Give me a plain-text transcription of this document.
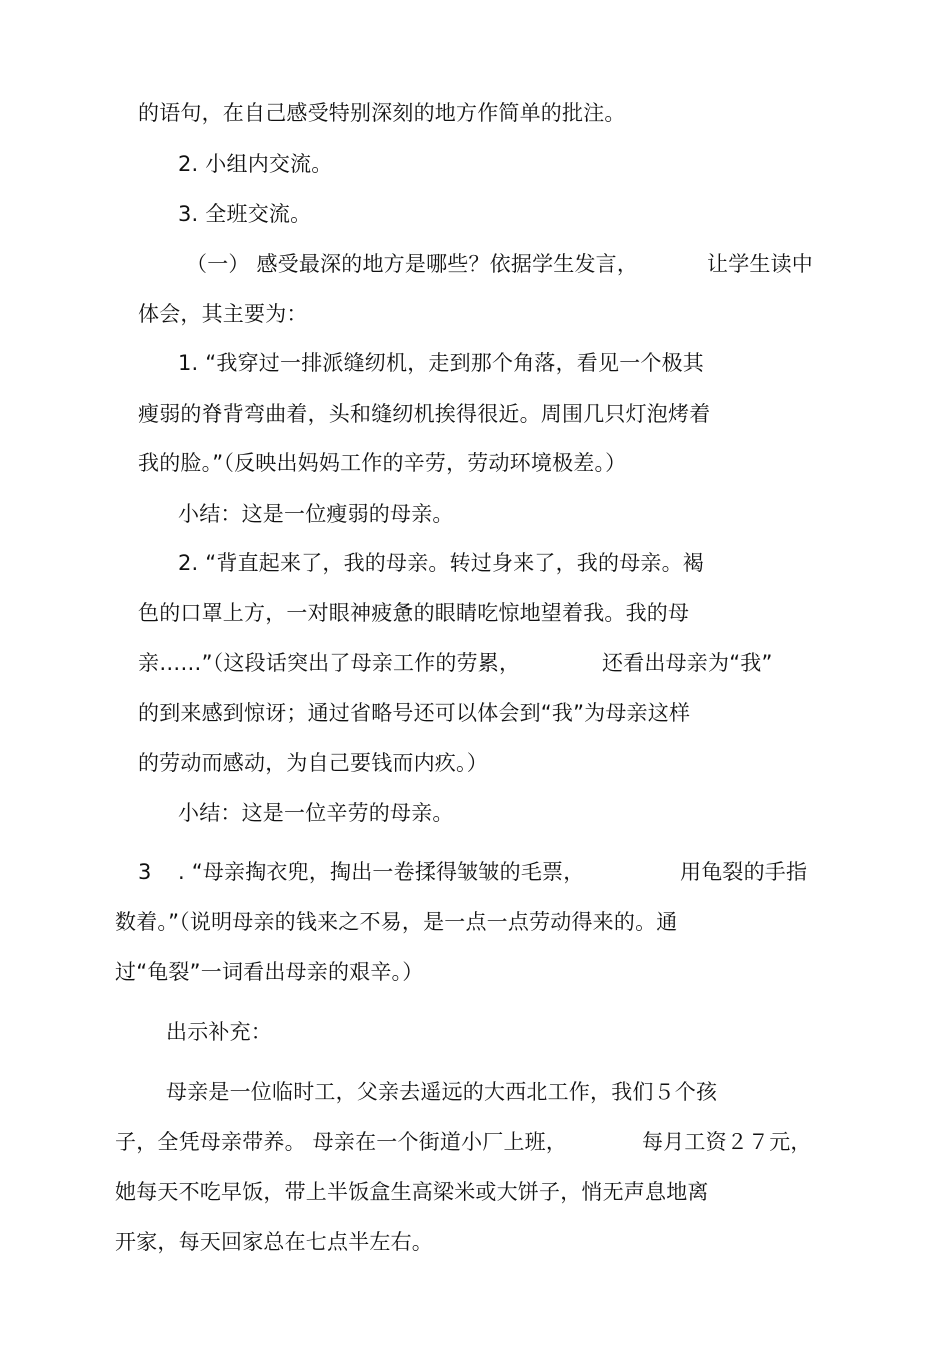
的语句，在自己感受特别深刻的地方作简单的批注。
2. 小组内交流。
3. 全班交流。
（一） 感受最深的地方是哪些？依据学生发言，	让学生读中
体会，其主要为：
1. “我穿过一排派缝纫机，走到那个角落，看见一个极其
瘦弱的脊背弯曲着，头和缝纫机挨得很近。周围几只灯泡烤着
我的脸。”（反映出妈妈工作的辛劳，劳动环境极差。）
小结：这是一位瘦弱的母亲。
2. “背直起来了，我的母亲。转过身来了，我的母亲。褐
色的口罩上方，一对眼神疲惫的眼睛吃惊地望着我。我的母
亲……”（这段话突出了母亲工作的劳累，	还看出母亲为“我”
的到来感到惊讶；通过省略号还可以体会到“我”为母亲这样
的劳动而感动，为自己要钱而内疚。）
小结：这是一位辛劳的母亲。
3 . “母亲掏衣兜，掏出一卷揉得皱皱的毛票，	用龟裂的手指
数着。”（说明母亲的钱来之不易，是一点一点劳动得来的。通
过“龟裂”一词看出母亲的艰辛。）
出示补充：
母亲是一位临时工，父亲去遥远的大西北工作，我们５个孩
子，全凭母亲带养。 母亲在一个街道小厂上班，	每月工资２７元，
她每天不吃早饭，带上半饭盒生高梁米或大饼子，悄无声息地离
开家，每天回家总在七点半左右。
